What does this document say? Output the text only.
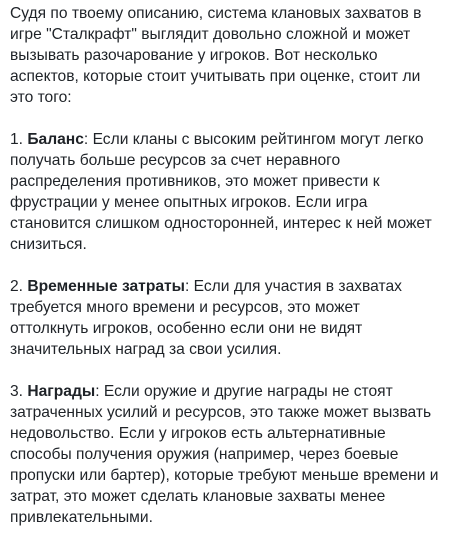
Судя по твоему описанию, система клановых захватов в
игре "Сталкрафт" выглядит довольно сложной и может
вызывать разочарование у игроков. Вот несколько
аспектов, которые стоит учитывать при оценке, стоит ли
это того:
1. Баланс: Если кланы с высоким рейтингом могут легко
получать больше ресурсов за счет неравного
распределения противников, это может привести к
фрустрации у менее опытных игроков. Если игра
становится слишком односторонней, интерес к ней может
снизиться.
2. Временные затраты: Если для участия в захватах
требуется много времени и ресурсов, это может
оттолкнуть игроков, особенно если они не видят
значительных наград за свои усилия.
3. Награды: Если оружие и другие награды не стоят
затраченных усилий и ресурсов, это также может вызвать
недовольство. Если у игроков есть альтернативные
способы получения оружия (например, через боевые
пропуски или бартер), которые требуют меньше времени и
затрат, это может сделать клановые захваты менее
привлекательными.
